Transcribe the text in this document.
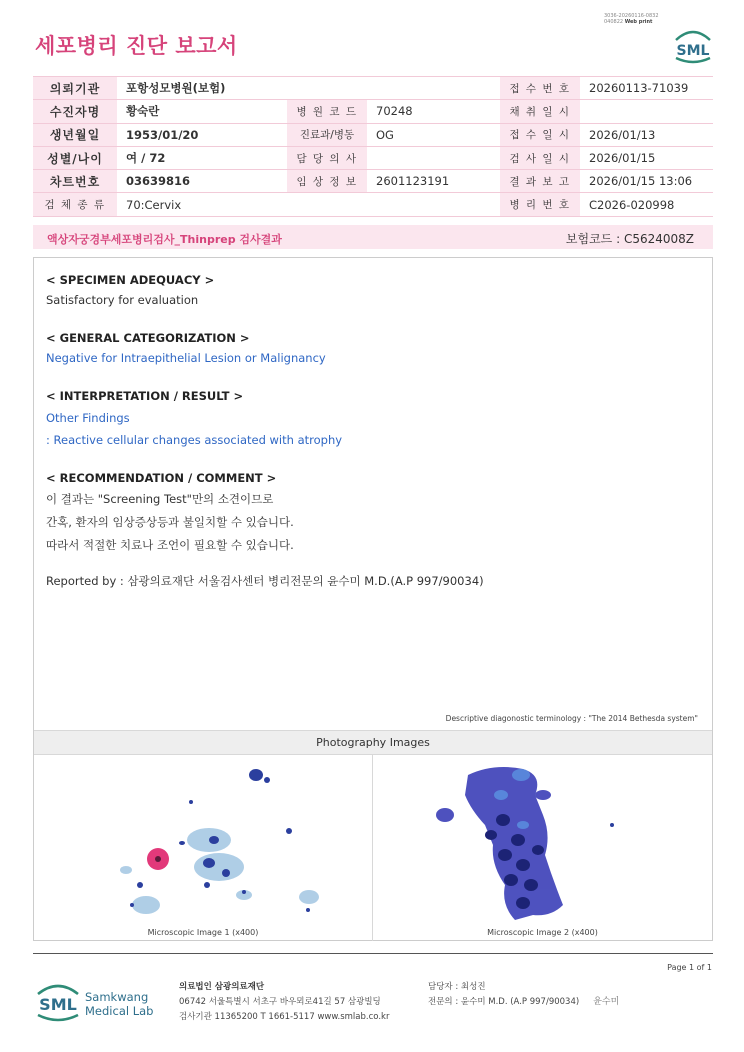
3036-20260116-0832
040822 Web print
세포병리 진단 보고서	SML
의뢰기관	포항성모병원(보험)			접 수 번 호	20260113-71039
수진자명	황숙란	병 원 코 드	70248	채 취 일 시	
생년월일	1953/01/20	진료과/병동	OG	접 수 일 시	2026/01/13
성별/나이	여 / 72	담 당 의 사		검 사 일 시	2026/01/15
차트번호	03639816	임 상 정 보	2601123191	결 과 보 고	2026/01/15 13:06
검 체 종 류	70:Cervix			병 리 번 호	C2026-020998
액상자궁경부세포병리검사_Thinprep 검사결과	보험코드 : C5624008Z
< SPECIMEN ADEQUACY >
Satisfactory for evaluation
< GENERAL CATEGORIZATION >
Negative for Intraepithelial Lesion or Malignancy
< INTERPRETATION / RESULT >
Other Findings
: Reactive cellular changes associated with atrophy
< RECOMMENDATION / COMMENT >
이 결과는 "Screening Test"만의 소견이므로
간혹, 환자의 임상증상등과 불일치할 수 있습니다.
따라서 적절한 치료나 조언이 필요할 수 있습니다.
Reported by : 삼광의료재단 서울검사센터 병리전문의 윤수미 M.D.(A.P 997/90034)
Descriptive diagonostic terminology : "The 2014 Bethesda system"
Photography Images
Microscopic Image 1 (x400)	Microscopic Image 2 (x400)
Page 1 of 1
SML Samkwang
Medical Lab
의료법인 삼광의료재단
06742 서울특별시 서초구 바우뫼로41길 57 삼광빌딩
검사기관 11365200 T 1661-5117 www.smlab.co.kr
담당자 : 최성진
전문의 : 윤수미 M.D. (A.P 997/90034) 윤수미
